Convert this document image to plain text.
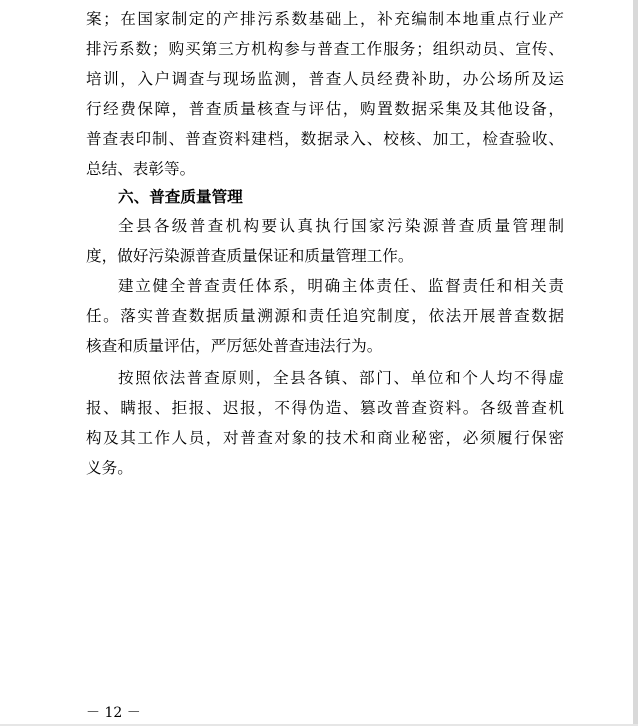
案；在国家制定的产排污系数基础上，补充编制本地重点行业产
排污系数；购买第三方机构参与普查工作服务；组织动员、宣传、
培训，入户调查与现场监测，普查人员经费补助，办公场所及运
行经费保障，普查质量核查与评估，购置数据采集及其他设备，
普查表印制、普查资料建档，数据录入、校核、加工，检查验收、
总结、表彰等。
六、普查质量管理
全县各级普查机构要认真执行国家污染源普查质量管理制
度，做好污染源普查质量保证和质量管理工作。
建立健全普查责任体系，明确主体责任、监督责任和相关责
任。落实普查数据质量溯源和责任追究制度，依法开展普查数据
核查和质量评估，严厉惩处普查违法行为。
按照依法普查原则，全县各镇、部门、单位和个人均不得虚
报、瞒报、拒报、迟报，不得伪造、篡改普查资料。各级普查机
构及其工作人员，对普查对象的技术和商业秘密，必须履行保密
义务。
－ 12 －
